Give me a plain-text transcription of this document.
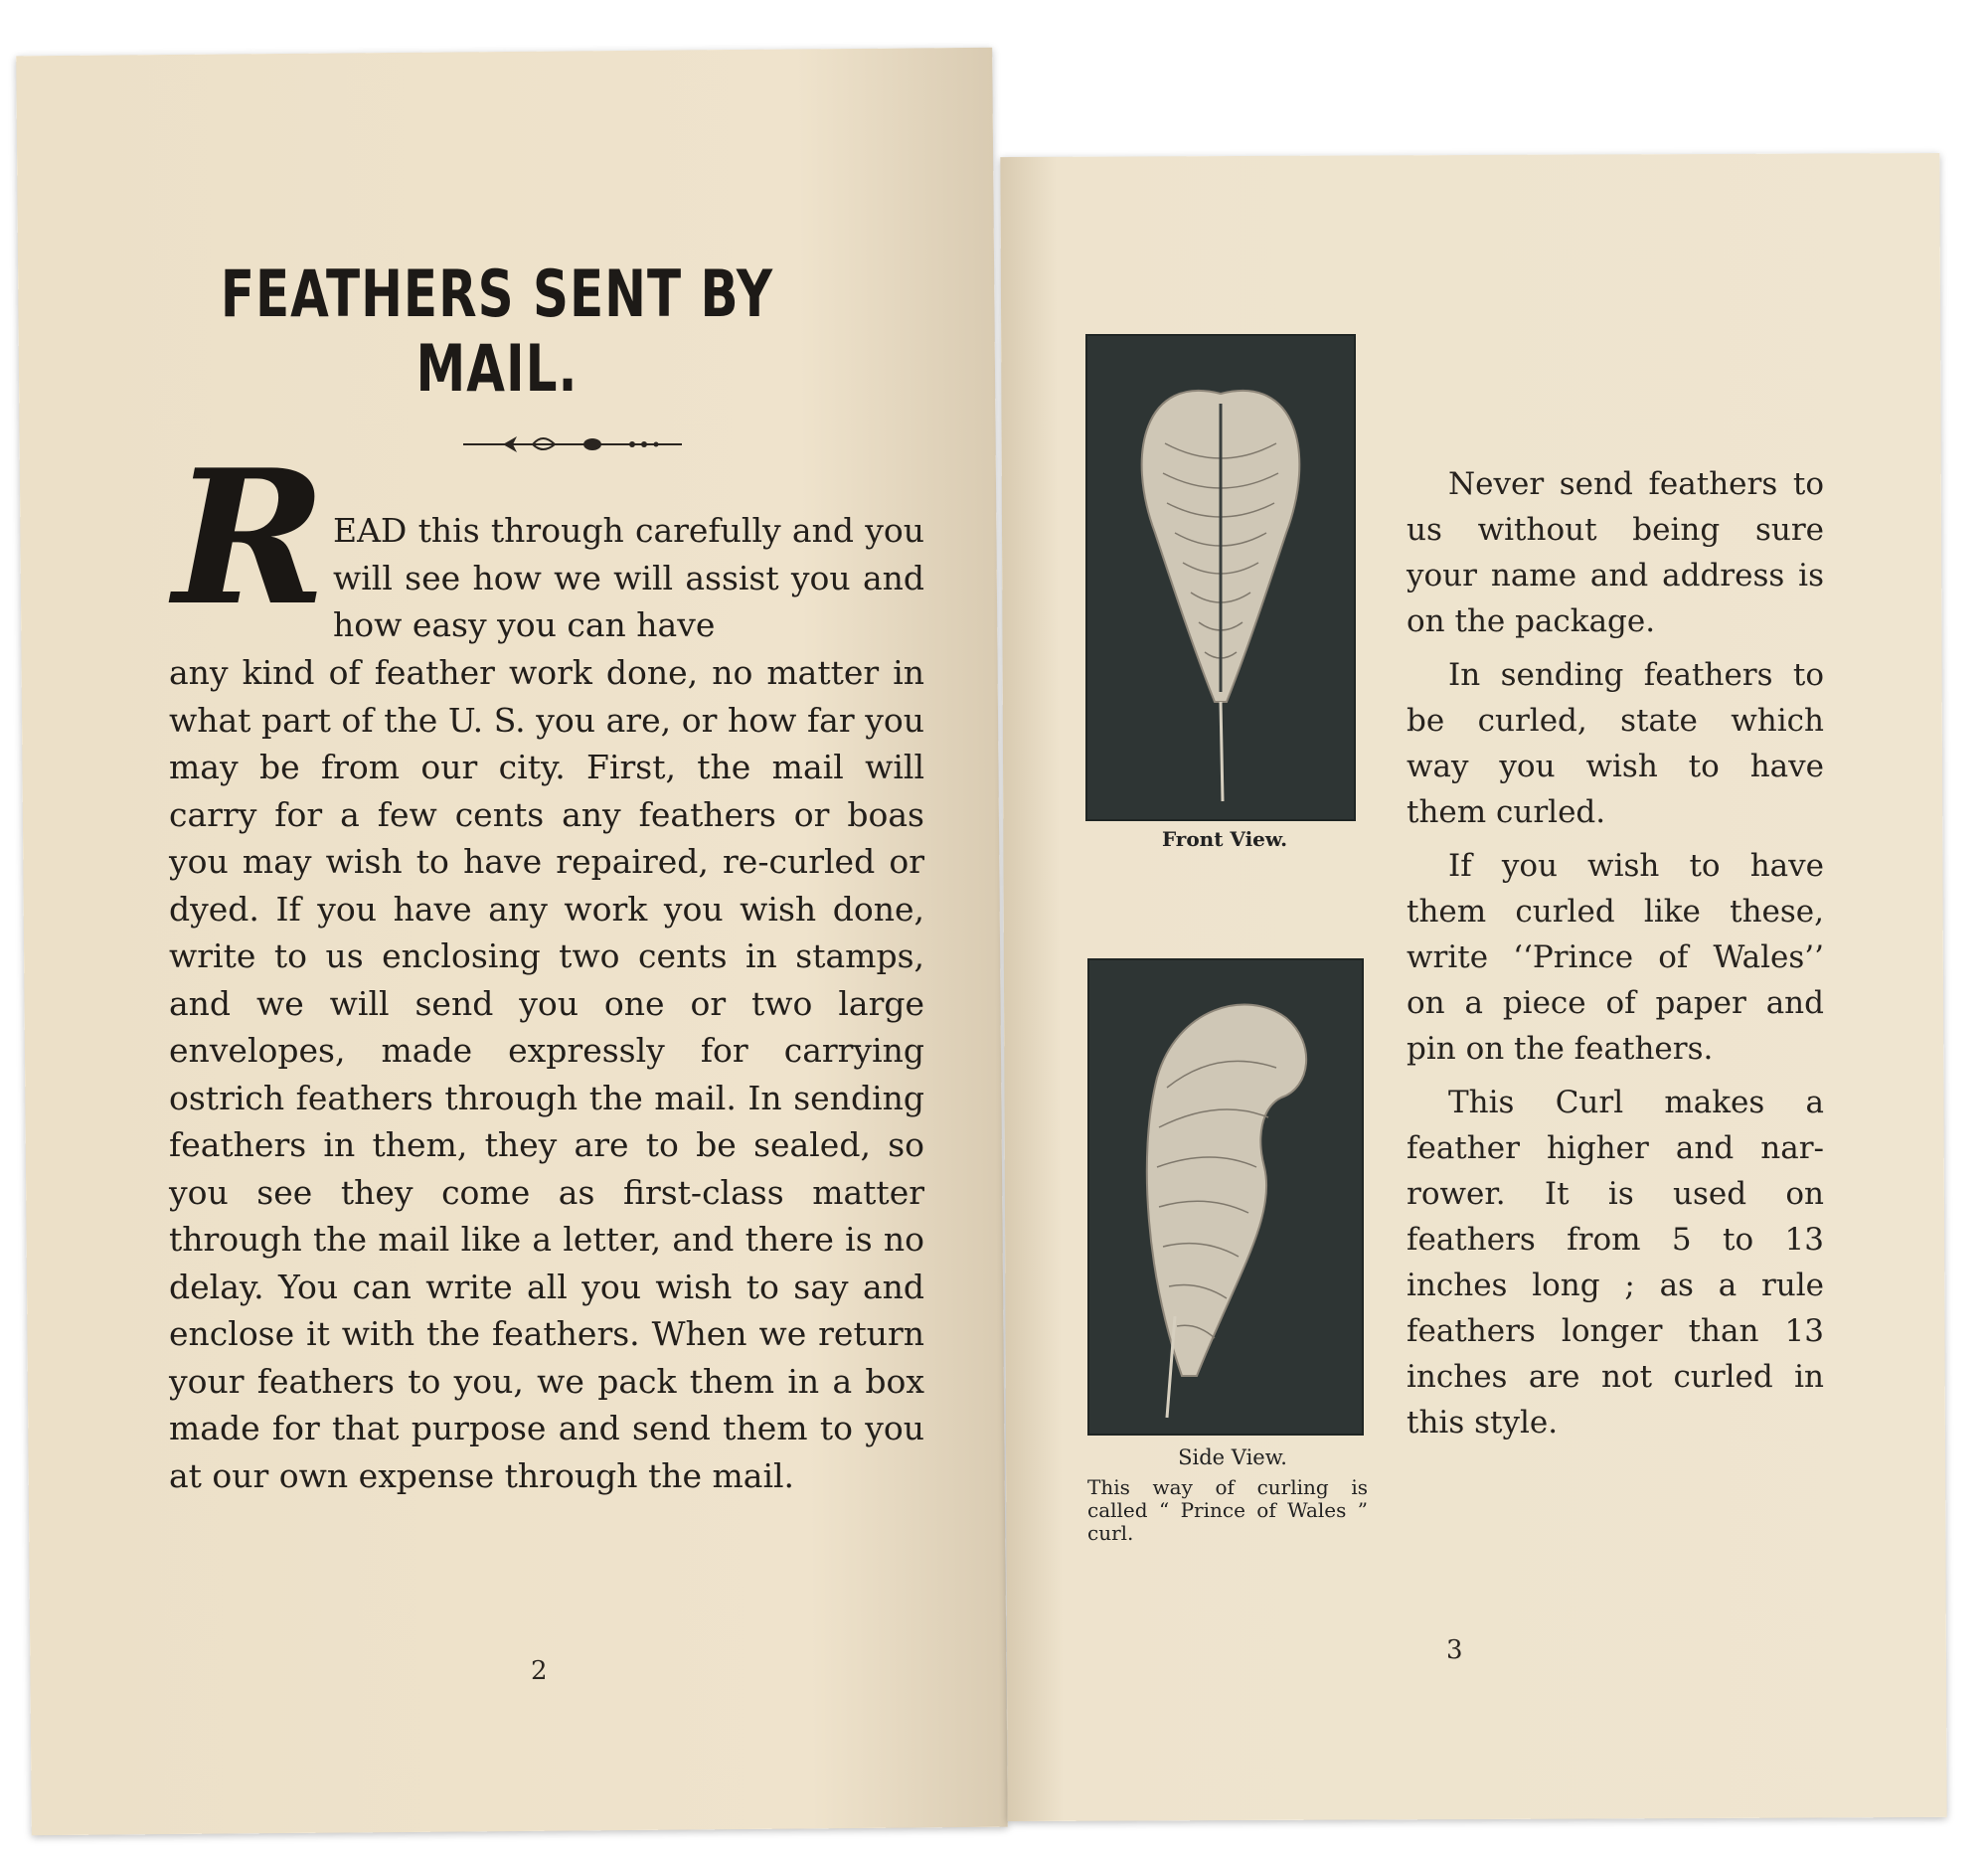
FEATHERS SENT BY MAIL.
R EAD this through carefully and you will see how we will assist you and how easy you can have

any kind of feather work done, no matter in what part of the U. S. you are, or how far you may be from our city. First, the mail will carry for a few cents any feathers or boas you may wish to have repaired, re-curled or dyed. If you have any work you wish done, write to us enclosing two cents in stamps, and we will send you one or two large envelopes, made expressly for carrying ostrich feathers through the mail. In sending feathers in them, they are to be sealed, so you see they come as first-class matter through the mail like a letter, and there is no delay. You can write all you wish to say and enclose it with the feathers. When we return your feathers to you, we pack them in a box made for that purpose and send them to you at our own expense through the mail.

2

Front View.

Side View.

This way of curling is called “ Prince of Wales ” curl.

Never send feathers to us without being sure your name and address is on the package.

In sending feathers to be curled, state which way you wish to have them curled.

If you wish to have them curled like these, write ‘‘Prince of Wales’’ on a piece of paper and pin on the feathers.

This Curl makes a feather higher and nar- rower. It is used on feathers from 5 to 13 inches long ; as a rule feathers longer than 13 inches are not curled in this style.

3
